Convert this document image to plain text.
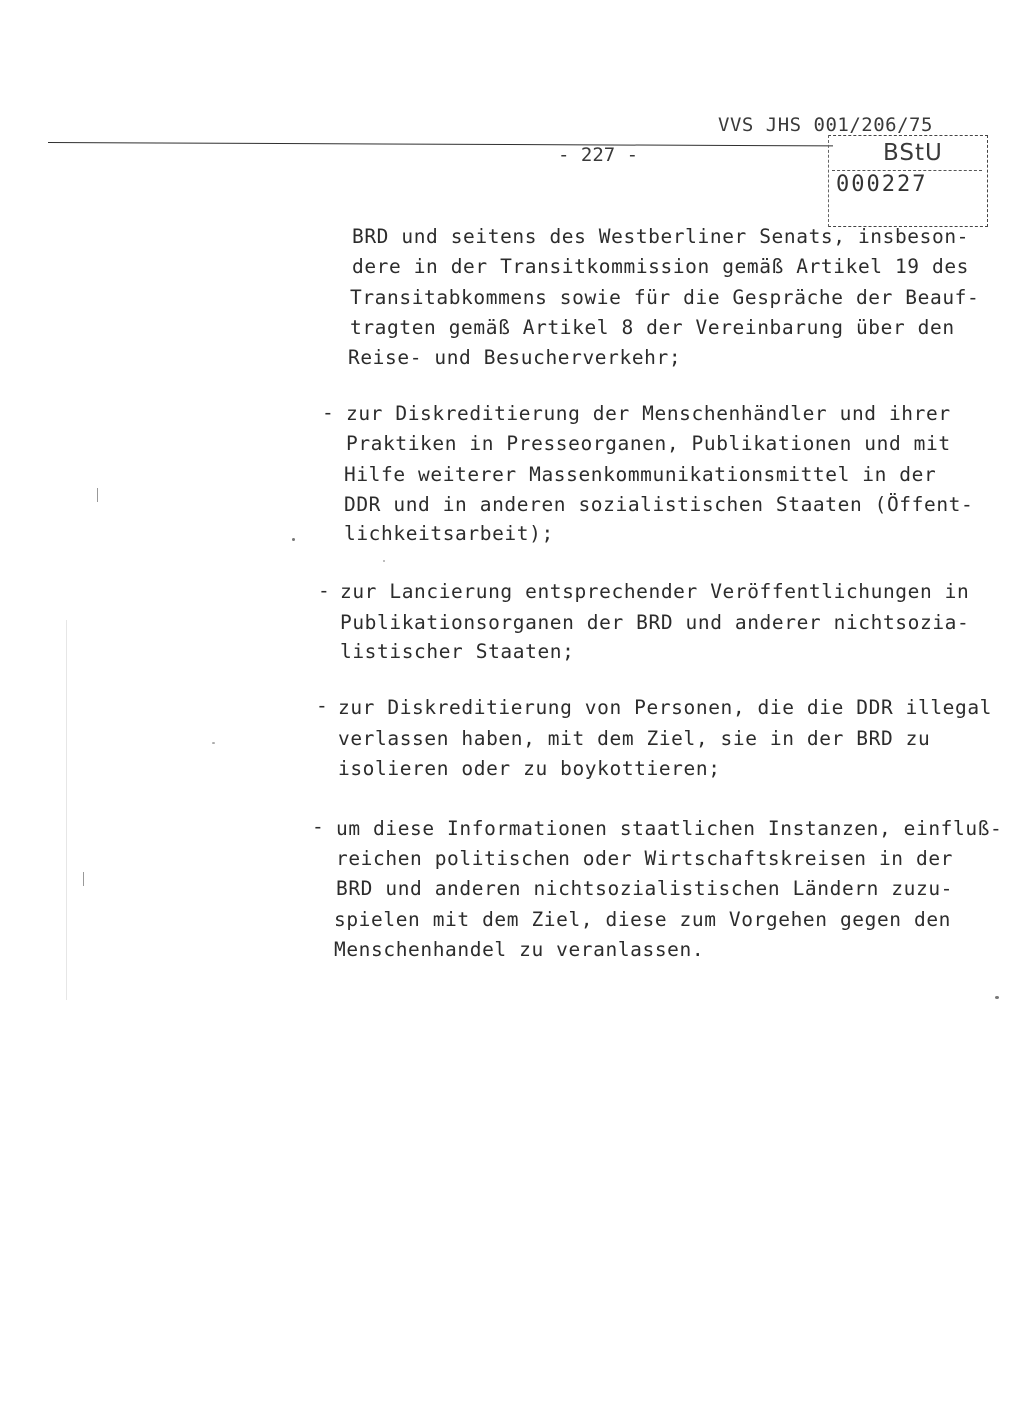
VVS JHS 001/206/75
- 227 -	BStU
000227
BRD und seitens des Westberliner Senats, insbeson-
dere in der Transitkommission gemäß Artikel 19 des
Transitabkommens sowie für die Gespräche der Beauf-
tragten gemäß Artikel 8 der Vereinbarung über den
Reise- und Besucherverkehr;
- zur Diskreditierung der Menschenhändler und ihrer
Praktiken in Presseorganen, Publikationen und mit
Hilfe weiterer Massenkommunikationsmittel in der
DDR und in anderen sozialistischen Staaten (Öffent-
lichkeitsarbeit);
- zur Lancierung entsprechender Veröffentlichungen in
Publikationsorganen der BRD und anderer nichtsozia-
listischer Staaten;
- zur Diskreditierung von Personen, die die DDR illegal
verlassen haben, mit dem Ziel, sie in der BRD zu
isolieren oder zu boykottieren;
- um diese Informationen staatlichen Instanzen, einfluß-
reichen politischen oder Wirtschaftskreisen in der
BRD und anderen nichtsozialistischen Ländern zuzu-
spielen mit dem Ziel, diese zum Vorgehen gegen den
Menschenhandel zu veranlassen.
